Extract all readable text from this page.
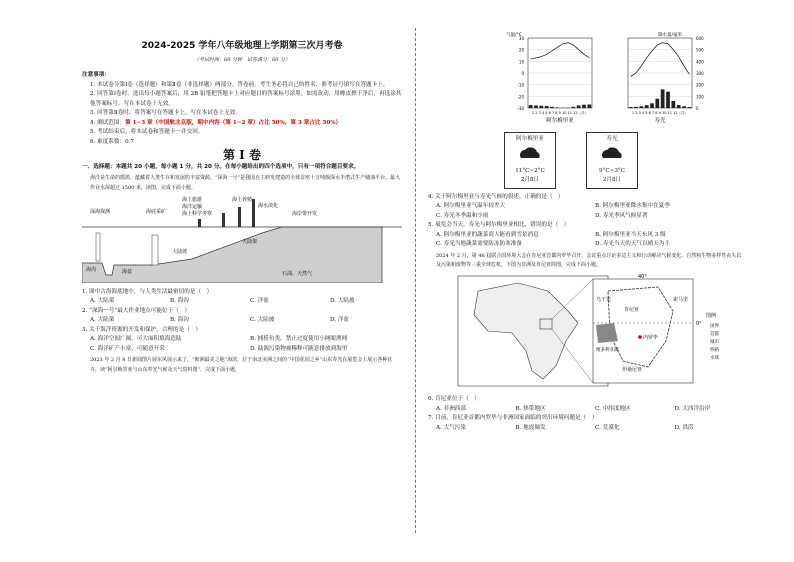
2024-2025 学年八年级地理上学期第三次月考卷
（考试时间：60 分钟　试卷满分：60 分）
注意事项：
1. 本试卷分第Ⅰ卷（选择题）和第Ⅱ卷（非选择题）两部分。答卷前，考生务必将自己的姓名、准考证号填写在答题卡上。
2. 回答第Ⅰ卷时，选出每小题答案后，用 2B 铅笔把答题卡上对应题目的答案标号涂黑。如需改动，用橡皮擦干净后，再选涂其他答案标号。写在本试卷上无效。
3. 回答第Ⅱ卷时，将答案写在答题卡上。写在本试卷上无效。
4. 测试范围：第 1~3 章（中国航北京版，期中内容（第 1~2 章）占比 50%，第 3 章占比 50%）
5. 考试结束后，将本试卷和答题卡一并交回。
6. 难度系数：0.7
第 Ⅰ 卷
一、选择题：本题共 20 小题，每小题 1 分，共 20 分。在每小题给出的四个选项中，只有一项符合题目要求。
海洋是生命的摇篮，蕴藏着人类生存和发展的丰富资源。“深海一号”是我国自主研发建造的全球首座十万吨级深水半潜式生产储油平台，最大作业水深超过 1500 米。读图，完成下面小题。
海沟
深海探测	海底采矿
海盆
海上旅游
海洋运输
海上科学考察
大陆坡
大陆架
石油、天然气
海上养殖
海水淡化
海岸带开发
1. 图中古海海底地中，与人类生活最密切的是（　）
A. 大陆架	B. 海沟	C. 洋盆	D. 大陆坡
2. “深海一号”最大作业地点可能位于（　）
A. 大陆架	B. 海沟	C. 大陆坡	D. 洋盆
3. 关于海洋资源的开发和保护，合理的是（　）
A. 海洋空间广阔，可大面积填海造陆	B. 捕捞鱼类，禁止过度使用小网眼渔网
C. 海洋矿产丰富，可随意开采	D. 陆源污染物被稀释可随意排放到海里
2023 年 2 月 8 日新闻图片展东风展示来了，“欧洲最美之地”海滨，位于南北美洲之间的“中国花园之乡”山东寿光在展览会上展示各种花卉，读“阿尔梅里亚与山东寿光气候及天气资料图”，完成下面小题。
阿尔梅里亚	寿光
气温/°C	降水量/毫米
30
20
10
0
-10
-20
-30
600
500
400
300
200
100
0
1 2 3 4 5 6 7 8 9 10 11 12（月）	1 2 3 4 5 6 7 8 9 10 11 12（月）
阿尔梅里亚
11°C~2°C
2月8日
寿光
9°C~3°C
2月8日
4. 关于阿尔梅里亚与寿光气候的叙述，正确的是（　）
A. 阿尔梅里亚气温年较差大	B. 阿尔梅里亚降水集中在夏季
C. 寿光冬季温和少雨	D. 寿光季风气候显著
5. 展览会当天，寿光与阿尔梅里亚相比，错误的是（　）
A. 阿尔梅里亚的蔬菜商人能看到雪景消息	B. 阿尔梅里亚当天东风 3 级
C. 寿光当地蔬菜需要防冻防寒准备	D. 寿光当天的天气以晴天为主
2024 年 2 月，第 46 届联合国环境大会在肯尼亚首都内罗毕召开，会议重点讨论多边主义和行动解决气候变化、自然和生物多样性丧失以及污染和废物等三重全球危机。下图为非洲及肯尼亚简图，完成下面小题。
0°
40°
内罗毕
肯尼亚
坦桑尼亚
索马里
乌干达
维多利亚湖
图例
国界
首都
城市
铁路
水域
6. 肯尼亚位于（　）
A. 非洲西部	B. 热带地区	C. 中纬度地区	D. 大西洋沿岸
7. 目前，肯尼亚首都内罗毕与非洲国家面临的突出环境问题是（　）
A. 大气污染	B. 地震频发	C. 荒漠化	D. 洪涝
